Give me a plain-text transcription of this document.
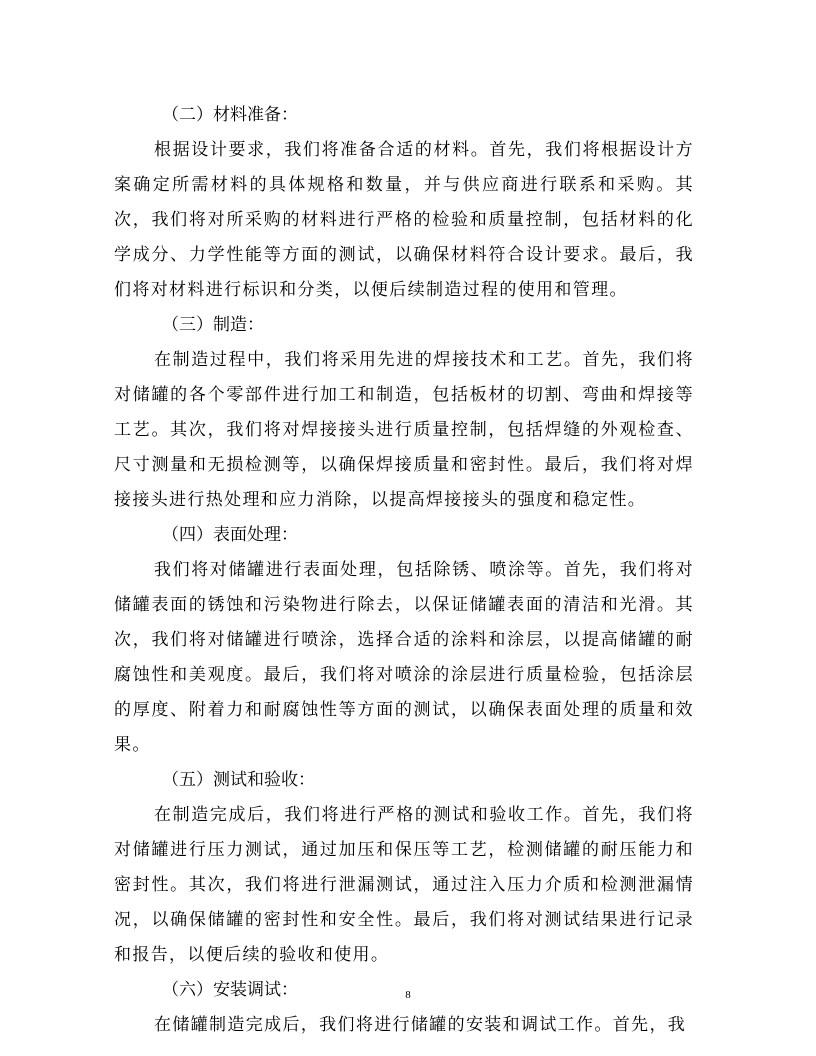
（二）材料准备：

根据设计要求，我们将准备合适的材料。首先，我们将根据设计方案确定所需材料的具体规格和数量，并与供应商进行联系和采购。其次，我们将对所采购的材料进行严格的检验和质量控制，包括材料的化学成分、力学性能等方面的测试，以确保材料符合设计要求。最后，我们将对材料进行标识和分类，以便后续制造过程的使用和管理。

（三）制造：

在制造过程中，我们将采用先进的焊接技术和工艺。首先，我们将对储罐的各个零部件进行加工和制造，包括板材的切割、弯曲和焊接等工艺。其次，我们将对焊接接头进行质量控制，包括焊缝的外观检查、尺寸测量和无损检测等，以确保焊接质量和密封性。最后，我们将对焊接接头进行热处理和应力消除，以提高焊接接头的强度和稳定性。

（四）表面处理：

我们将对储罐进行表面处理，包括除锈、喷涂等。首先，我们将对储罐表面的锈蚀和污染物进行除去，以保证储罐表面的清洁和光滑。其次，我们将对储罐进行喷涂，选择合适的涂料和涂层，以提高储罐的耐腐蚀性和美观度。最后，我们将对喷涂的涂层进行质量检验，包括涂层的厚度、附着力和耐腐蚀性等方面的测试，以确保表面处理的质量和效果。

（五）测试和验收：

在制造完成后，我们将进行严格的测试和验收工作。首先，我们将对储罐进行压力测试，通过加压和保压等工艺，检测储罐的耐压能力和密封性。其次，我们将进行泄漏测试，通过注入压力介质和检测泄漏情况，以确保储罐的密封性和安全性。最后，我们将对测试结果进行记录和报告，以便后续的验收和使用。

（六）安装调试：

在储罐制造完成后，我们将进行储罐的安装和调试工作。首先，我

8
